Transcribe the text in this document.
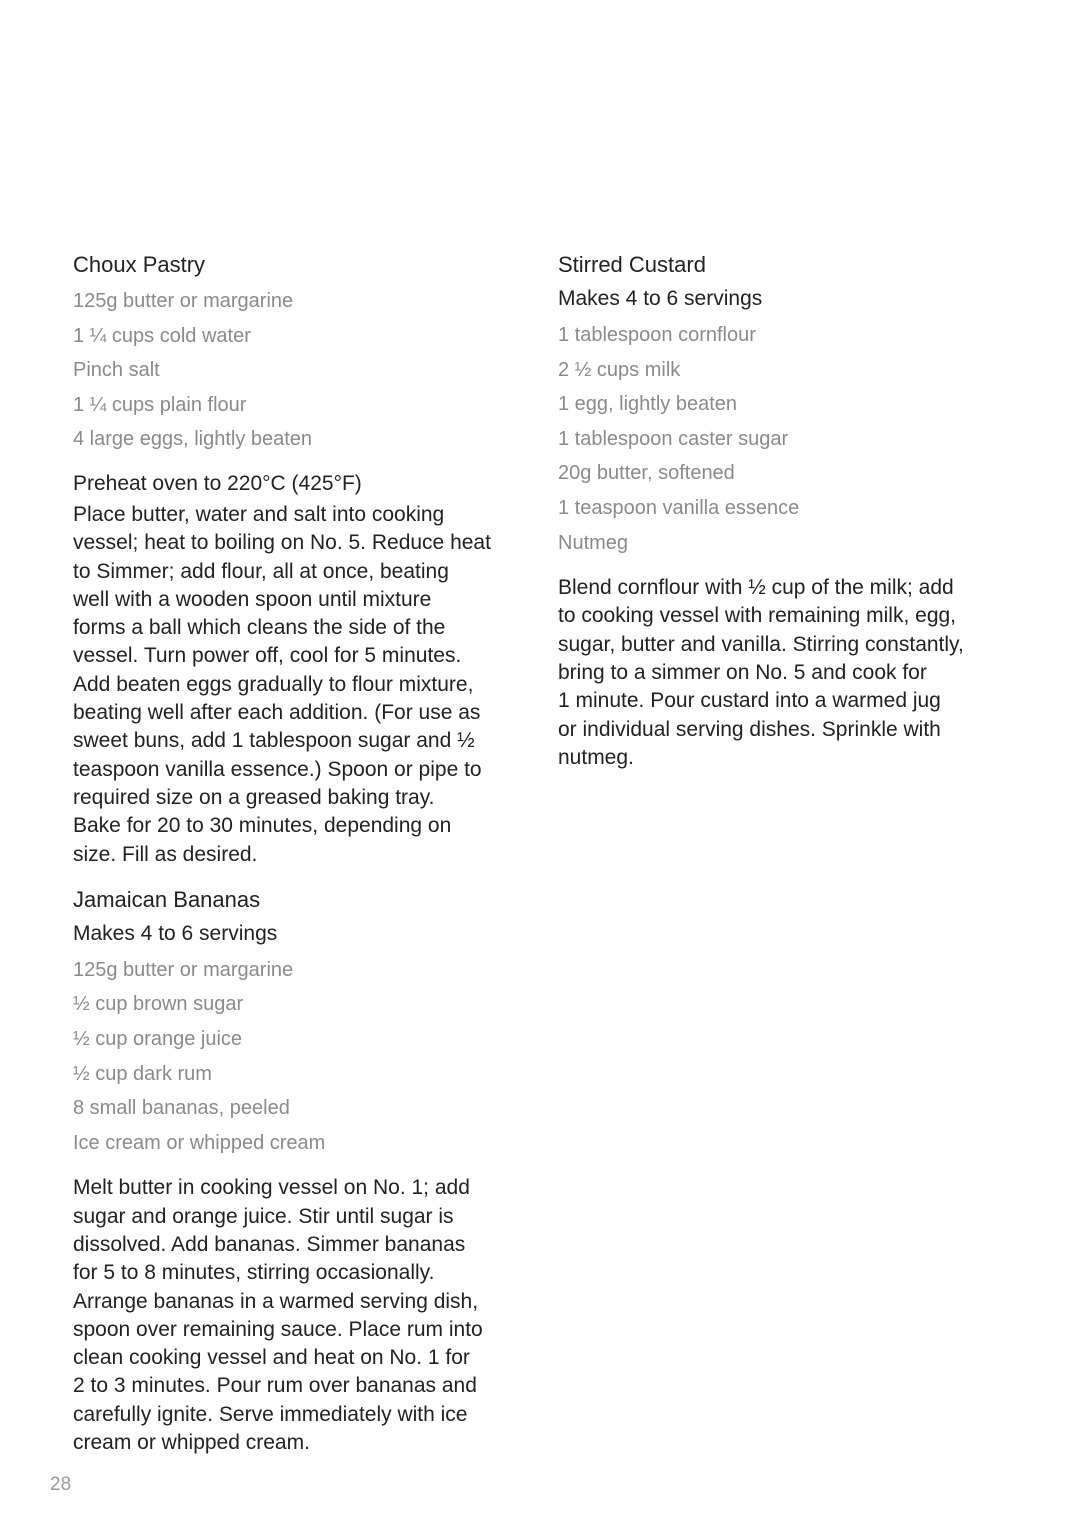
Choux Pastry
125g butter or margarine
1 ¼ cups cold water
Pinch salt
1 ¼ cups plain flour
4 large eggs, lightly beaten

Preheat oven to 220°C (425°F)

Place butter, water and salt into cooking
vessel; heat to boiling on No. 5. Reduce heat
to Simmer; add flour, all at once, beating
well with a wooden spoon until mixture
forms a ball which cleans the side of the
vessel. Turn power off, cool for 5 minutes.
Add beaten eggs gradually to flour mixture,
beating well after each addition. (For use as
sweet buns, add 1 tablespoon sugar and ½
teaspoon vanilla essence.) Spoon or pipe to
required size on a greased baking tray.
Bake for 20 to 30 minutes, depending on
size. Fill as desired.
Jamaican Bananas

Makes 4 to 6 servings

125g butter or margarine
½ cup brown sugar
½ cup orange juice
½ cup dark rum
8 small bananas, peeled
Ice cream or whipped cream
Melt butter in cooking vessel on No. 1; add
sugar and orange juice. Stir until sugar is
dissolved. Add bananas. Simmer bananas
for 5 to 8 minutes, stirring occasionally.
Arrange bananas in a warmed serving dish,
spoon over remaining sauce. Place rum into
clean cooking vessel and heat on No. 1 for
2 to 3 minutes. Pour rum over bananas and
carefully ignite. Serve immediately with ice
cream or whipped cream.
Stirred Custard

Makes 4 to 6 servings

1 tablespoon cornflour
2 ½ cups milk
1 egg, lightly beaten
1 tablespoon caster sugar
20g butter, softened
1 teaspoon vanilla essence
Nutmeg
Blend cornflour with ½ cup of the milk; add
to cooking vessel with remaining milk, egg,
sugar, butter and vanilla. Stirring constantly,
bring to a simmer on No. 5 and cook for
1 minute. Pour custard into a warmed jug
or individual serving dishes. Sprinkle with
nutmeg.
28
